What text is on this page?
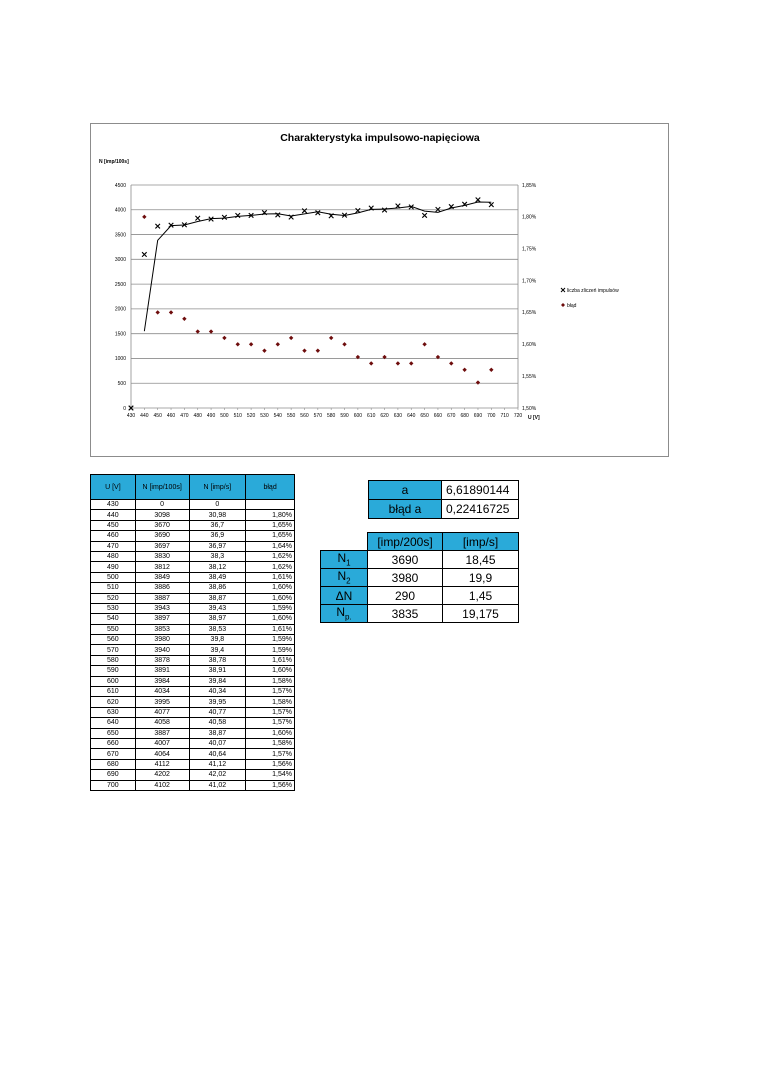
Charakterystyka impulsowo-napięciowa
N [imp/100s]
U [V]
0
500
1000
1500
2000
2500
3000
3500
4000
4500
1,50%
1,55%
1,60%
1,65%
1,70%
1,75%
1,80%
1,85%
430 440 450 460 470 480 490 500 510 520 530 540 550 560 570 580 590 600 610 620 630 640 650 660 670 680 690 700 710 720
liczba zliczeń impulsów
błąd
U [V]	N [imp/100s]	N [imp/s]	błąd
430	0	0	
440	3098	30,98	1,80%
450	3670	36,7	1,65%
460	3690	36,9	1,65%
470	3697	36,97	1,64%
480	3830	38,3	1,62%
490	3812	38,12	1,62%
500	3849	38,49	1,61%
510	3886	38,86	1,60%
520	3887	38,87	1,60%
530	3943	39,43	1,59%
540	3897	38,97	1,60%
550	3853	38,53	1,61%
560	3980	39,8	1,59%
570	3940	39,4	1,59%
580	3878	38,78	1,61%
590	3891	38,91	1,60%
600	3984	39,84	1,58%
610	4034	40,34	1,57%
620	3995	39,95	1,58%
630	4077	40,77	1,57%
640	4058	40,58	1,57%
650	3887	38,87	1,60%
660	4007	40,07	1,58%
670	4064	40,64	1,57%
680	4112	41,12	1,56%
690	4202	42,02	1,54%
700	4102	41,02	1,56%
a	6,61890144
błąd a	0,22416725
	[imp/200s]	[imp/s]
$N_1$	3690	18,45
$N_2$	3980	19,9
ΔN	290	1,45
$N_{p.}$	3835	19,175
